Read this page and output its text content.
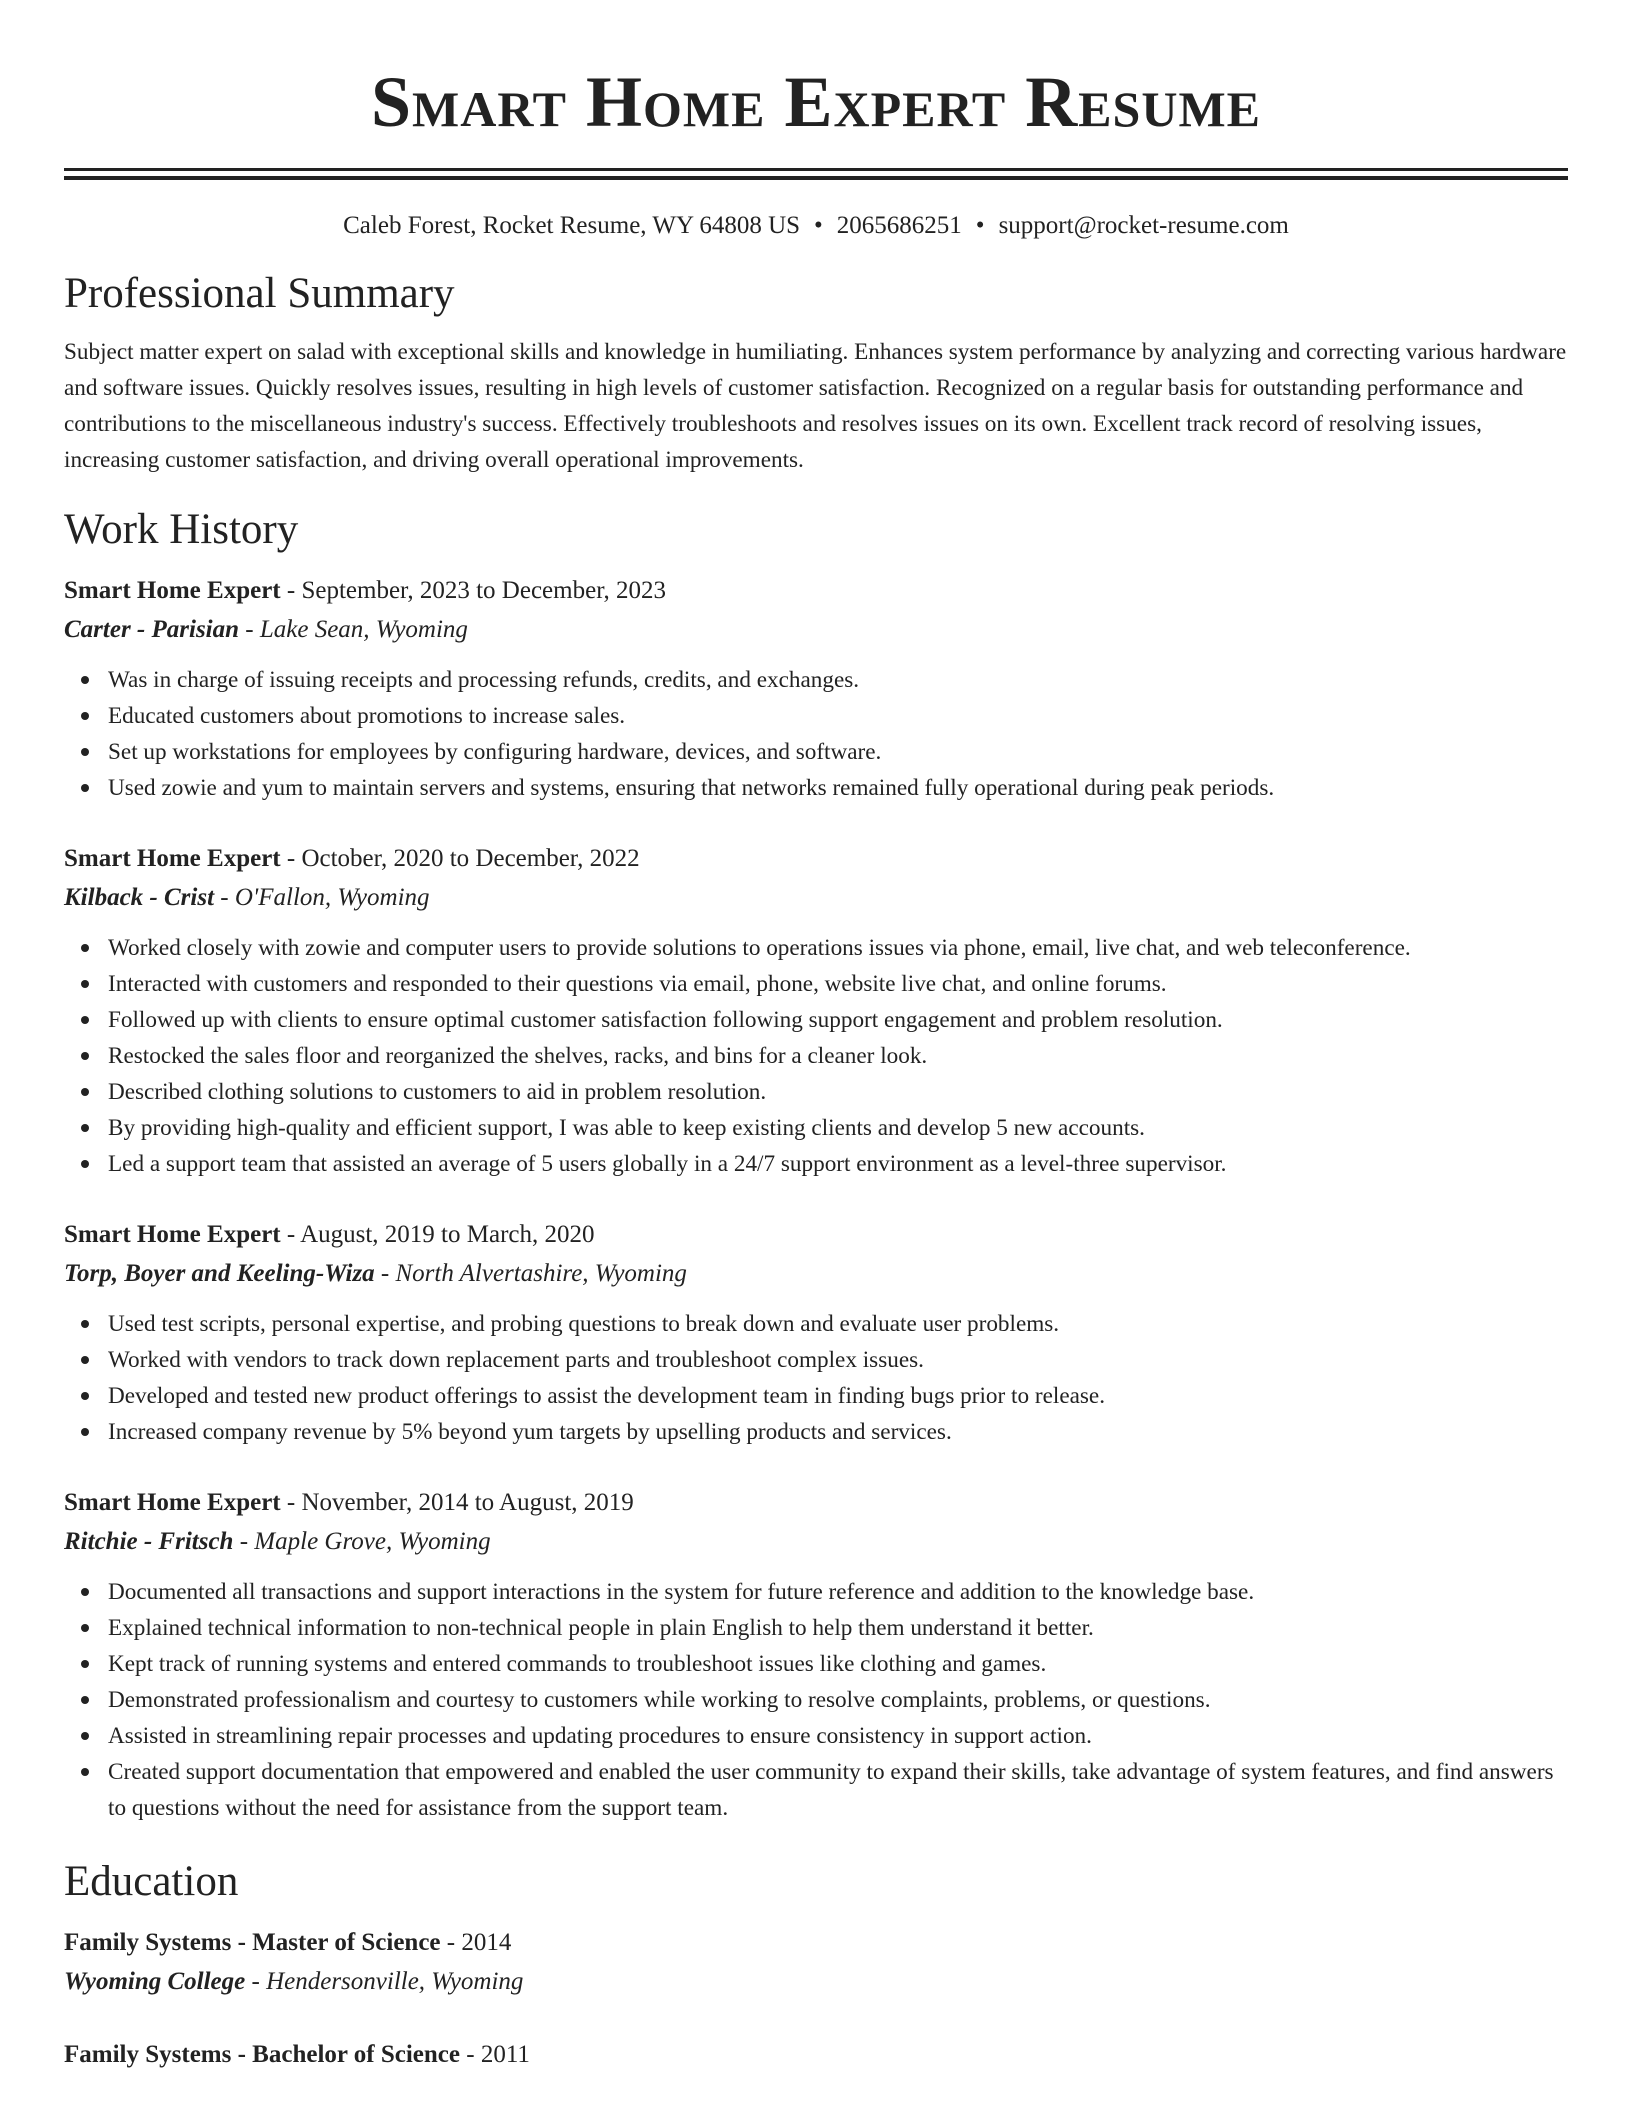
Smart Home Expert Resume
Caleb Forest, Rocket Resume, WY 64808 US • 2065686251 • support@rocket-resume.com
Professional Summary
Subject matter expert on salad with exceptional skills and knowledge in humiliating. Enhances system performance by analyzing and correcting various hardware and software issues. Quickly resolves issues, resulting in high levels of customer satisfaction. Recognized on a regular basis for outstanding performance and contributions to the miscellaneous industry's success. Effectively troubleshoots and resolves issues on its own. Excellent track record of resolving issues, increasing customer satisfaction, and driving overall operational improvements.
Work History
Smart Home Expert - September, 2023 to December, 2023
Carter - Parisian - Lake Sean, Wyoming
Was in charge of issuing receipts and processing refunds, credits, and exchanges.
Educated customers about promotions to increase sales.
Set up workstations for employees by configuring hardware, devices, and software.
Used zowie and yum to maintain servers and systems, ensuring that networks remained fully operational during peak periods.
Smart Home Expert - October, 2020 to December, 2022
Kilback - Crist - O'Fallon, Wyoming
Worked closely with zowie and computer users to provide solutions to operations issues via phone, email, live chat, and web teleconference.
Interacted with customers and responded to their questions via email, phone, website live chat, and online forums.
Followed up with clients to ensure optimal customer satisfaction following support engagement and problem resolution.
Restocked the sales floor and reorganized the shelves, racks, and bins for a cleaner look.
Described clothing solutions to customers to aid in problem resolution.
By providing high-quality and efficient support, I was able to keep existing clients and develop 5 new accounts.
Led a support team that assisted an average of 5 users globally in a 24/7 support environment as a level-three supervisor.
Smart Home Expert - August, 2019 to March, 2020
Torp, Boyer and Keeling-Wiza - North Alvertashire, Wyoming
Used test scripts, personal expertise, and probing questions to break down and evaluate user problems.
Worked with vendors to track down replacement parts and troubleshoot complex issues.
Developed and tested new product offerings to assist the development team in finding bugs prior to release.
Increased company revenue by 5% beyond yum targets by upselling products and services.
Smart Home Expert - November, 2014 to August, 2019
Ritchie - Fritsch - Maple Grove, Wyoming
Documented all transactions and support interactions in the system for future reference and addition to the knowledge base.
Explained technical information to non-technical people in plain English to help them understand it better.
Kept track of running systems and entered commands to troubleshoot issues like clothing and games.
Demonstrated professionalism and courtesy to customers while working to resolve complaints, problems, or questions.
Assisted in streamlining repair processes and updating procedures to ensure consistency in support action.
Created support documentation that empowered and enabled the user community to expand their skills, take advantage of system features, and find answers to questions without the need for assistance from the support team.
Education
Family Systems - Master of Science - 2014
Wyoming College - Hendersonville, Wyoming
Family Systems - Bachelor of Science - 2011
